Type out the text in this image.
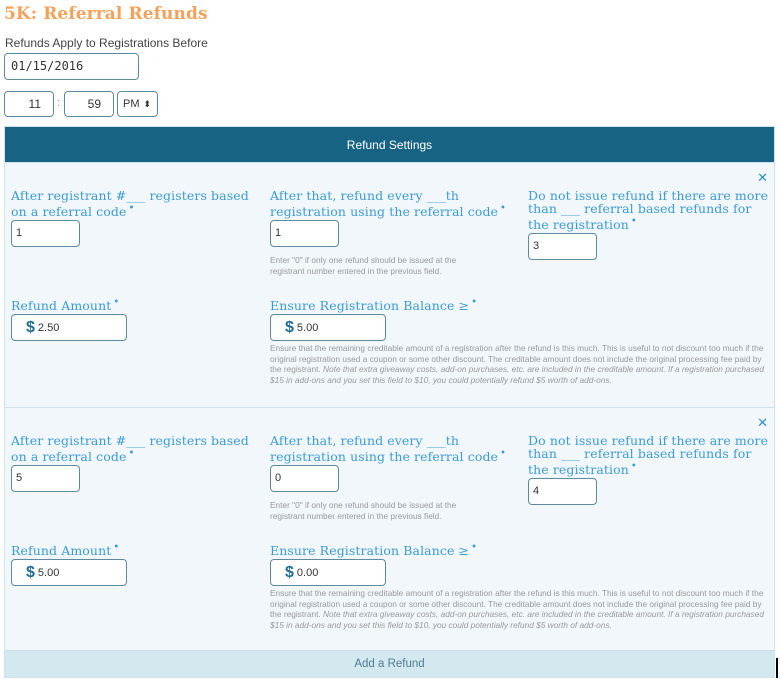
5K: Referral Refunds
Refunds Apply to Registrations Before
01/15/2016
11	:	59	PM ⬍
Refund Settings
✕
After registrant #___ registers based on a referral code •
1
After that, refund every ___th registration using the referral code •
1
Enter "0" if only one refund should be issued at the registrant number entered in the previous field.
Do not issue refund if there are more than ___ referral based refunds for the registration •
3
Refund Amount •
$ 2.50
Ensure Registration Balance ≥ •
$ 5.00
Ensure that the remaining creditable amount of a registration after the refund is this much. This is useful to not discount too much if the original registration used a coupon or some other discount. The creditable amount does not include the original processing fee paid by the registrant. Note that extra giveaway costs, add-on purchases, etc. are included in the creditable amount. If a registration purchased $15 in add-ons and you set this field to $10, you could potentially refund $5 worth of add-ons.
✕
After registrant #___ registers based on a referral code •
5
After that, refund every ___th registration using the referral code •
0
Enter "0" if only one refund should be issued at the registrant number entered in the previous field.
Do not issue refund if there are more than ___ referral based refunds for the registration •
4
Refund Amount •
$ 5.00
Ensure Registration Balance ≥ •
$ 0.00
Ensure that the remaining creditable amount of a registration after the refund is this much. This is useful to not discount too much if the original registration used a coupon or some other discount. The creditable amount does not include the original processing fee paid by the registrant. Note that extra giveaway costs, add-on purchases, etc. are included in the creditable amount. If a registration purchased $15 in add-ons and you set this field to $10, you could potentially refund $5 worth of add-ons.
Add a Refund
